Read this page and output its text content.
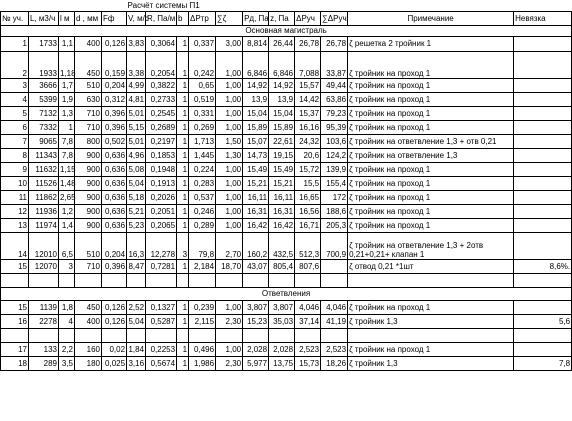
					Расчёт системы П1										
№ уч.	L, м3/ч	l м	d , мм	Fф	V, м/с	R, Па/м	b	ΔPтр	∑ζ	Pд, Па	z, Па	ΔPуч	∑ΔPуч	Примечание	Невязка
Основная магистраль															
1	1733	1,1	400	0,126	3,83	0,3064	1	0,337	3,00	8,814	26,44	26,78	26,78	ζ решетка 2 тройник 1	
2	1933	1,18	450	0,159	3,38	0,2054	1	0,242	1,00	6,846	6,846	7,088	33,87	ζ тройник на проход 1	
3	3666	1,7	510	0,204	4,99	0,3822	1	0,65	1,00	14,92	14,92	15,57	49,44	ζ тройник на проход 1	
4	5399	1,9	630	0,312	4,81	0,2733	1	0,519	1,00	13,9	13,9	14,42	63,86	ζ тройник на проход 1	
5	7132	1,3	710	0,396	5,01	0,2545	1	0,331	1,00	15,04	15,04	15,37	79,23	ζ тройник на проход 1	
6	7332	1	710	0,396	5,15	0,2689	1	0,269	1,00	15,89	15,89	16,16	95,39	ζ тройник на проход 1	
7	9065	7,8	800	0,502	5,01	0,2197	1	1,713	1,50	15,07	22,61	24,32	103,6	ζ тройник на ответвление 1,3 + отв 0,21	
8	11343	7,8	900	0,636	4,96	0,1853	1	1,445	1,30	14,73	19,15	20,6	124,2	ζ тройник на ответвление 1,3	
9	11632	1,15	900	0,636	5,08	0,1948	1	0,224	1,00	15,49	15,49	15,72	139,9	ζ тройник на проход 1	
10	11526	1,48	900	0,636	5,04	0,1913	1	0,283	1,00	15,21	15,21	15,5	155,4	ζ тройник на проход 1	
11	11862	2,65	900	0,636	5,18	0,2026	1	0,537	1,00	16,11	16,11	16,65	172	ζ тройник на проход 1	
12	11936	1,2	900	0,636	5,21	0,2051	1	0,246	1,00	16,31	16,31	16,56	188,6	ζ тройник на проход 1	
13	11974	1,4	900	0,636	5,23	0,2065	1	0,289	1,00	16,42	16,42	16,71	205,3	ζ тройник на проход 1	
14	12010	6,5	510	0,204	16,3	12,278	3	79,8	2,70	160,2	432,5	512,3	700,9	ζ тройник на ответвление 1,3 + 2отв 0,21+0,21+ клапан 1	
15	12070	3	710	0,396	8,47	0,7281	1	2,184	18,70	43,07	805,4	807,6		ζ отвод 0,21 *1шт	8,6%.

Ответвления															
15	1139	1,8	450	0,126	2,52	0,1327	1	0,239	1,00	3,807	3,807	4,046	4,046	ζ тройник на проход 1	
16	2278	4	400	0,126	5,04	0,5287	1	2,115	2,30	15,23	35,03	37,14	41,19	ζ тройник 1,3	5,6

17	133	2,2	160	0,02	1,84	0,2253	1	0,496	1,00	2,028	2,028	2,523	2,523	ζ тройник на проход 1	
18	289	3,5	180	0,025	3,16	0,5674	1	1,986	2,30	5,977	13,75	15,73	18,26	ζ тройник 1,3	7,8
